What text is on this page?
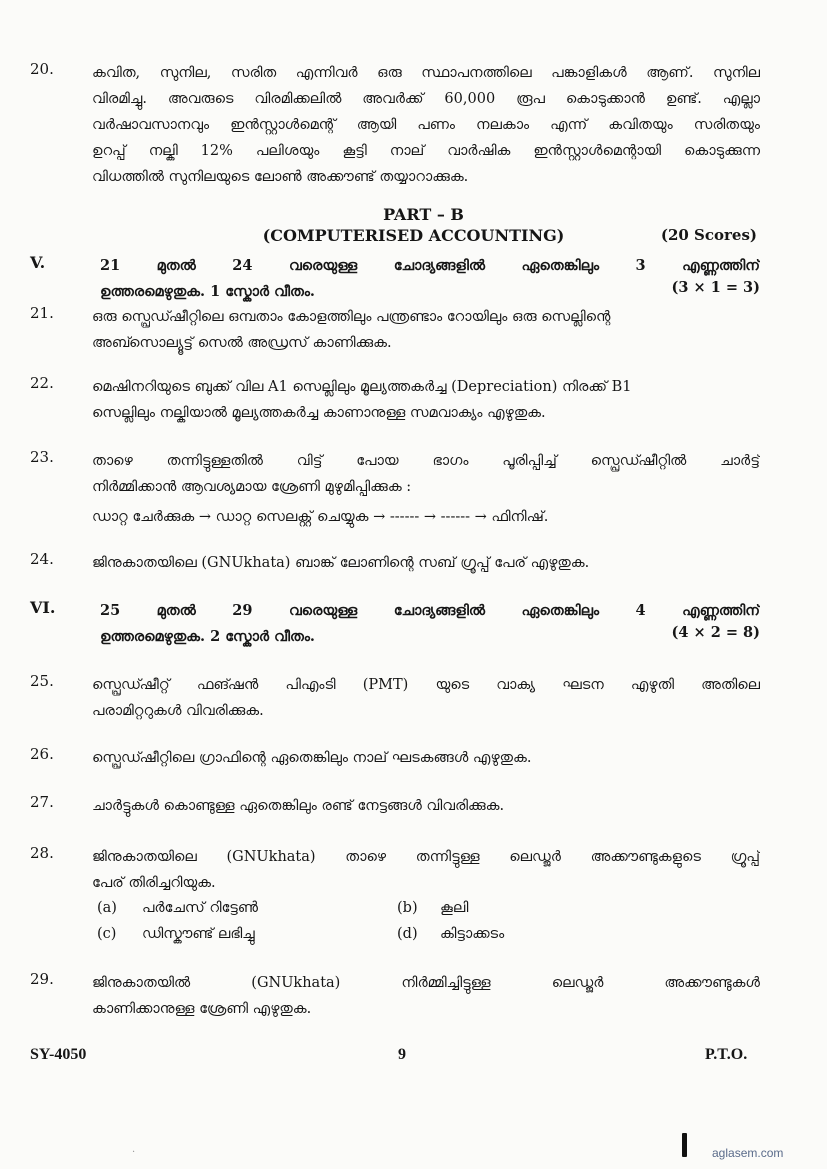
20.	കവിത, സുനില, സരിത എന്നിവർ ഒരു സ്ഥാപനത്തിലെ പങ്കാളികൾ ആണ്. സുനില
വിരമിച്ചു. അവരുടെ വിരമിക്കലിൽ അവർക്ക് 60,000 രൂപ കൊടുക്കാൻ ഉണ്ട്. എല്ലാ
വർഷാവസാനവും ഇൻസ്റ്റാൾമെന്റ് ആയി പണം നലകാം എന്ന് കവിതയും സരിതയും
ഉറപ്പ് നല്കി 12% പലിശയും കൂട്ടി നാല് വാർഷിക ഇൻസ്റ്റാൾമെന്റായി കൊടുക്കുന്ന
വിധത്തിൽ സുനിലയുടെ ലോൺ അക്കൗണ്ട് തയ്യാറാക്കുക.
PART – B
(COMPUTERISED ACCOUNTING)	(20 Scores)
V.	21 മുതൽ 24 വരെയുള്ള ചോദ്യങ്ങളിൽ ഏതെങ്കിലും 3 എണ്ണത്തിന്
ഉത്തരമെഴുതുക. 1 സ്കോർ വീതം.	(3 × 1 = 3)
21.	ഒരു സ്പ്രെഡ്ഷീറ്റിലെ ഒമ്പതാം കോളത്തിലും പന്ത്രണ്ടാം റോയിലും ഒരു സെല്ലിന്റെ
അബ്സൊല്യൂട്ട് സെൽ അഡ്രസ് കാണിക്കുക.
22.	മെഷിനറിയുടെ ബുക്ക് വില A1 സെല്ലിലും മൂല്യത്തകർച്ച (Depreciation) നിരക്ക് B1
സെല്ലിലും നല്കിയാൽ മൂല്യത്തകർച്ച കാണാനുള്ള സമവാക്യം എഴുതുക.
23.	താഴെ തന്നിട്ടുള്ളതിൽ വിട്ട് പോയ ഭാഗം പൂരിപ്പിച്ച് സ്പ്രെഡ്ഷീറ്റിൽ ചാർട്ട്
നിർമ്മിക്കാൻ ആവശ്യമായ ശ്രേണി മുഴുമിപ്പിക്കുക :
ഡാറ്റ ചേർക്കുക → ഡാറ്റ സെലക്റ്റ് ചെയ്യുക → ------ → ------ → ഫിനിഷ്.
24.	ജിനുകാതയിലെ (GNUkhata) ബാങ്ക് ലോണിന്റെ സബ് ഗ്രൂപ്പ് പേര് എഴുതുക.
VI.	25 മുതൽ 29 വരെയുള്ള ചോദ്യങ്ങളിൽ ഏതെങ്കിലും 4 എണ്ണത്തിന്
ഉത്തരമെഴുതുക. 2 സ്കോർ വീതം.	(4 × 2 = 8)
25.	സ്പ്രെഡ്ഷീറ്റ് ഫങ്ഷൻ പിഎംടി (PMT) യുടെ വാക്യ ഘടന എഴുതി അതിലെ
പരാമിറ്ററുകൾ വിവരിക്കുക.
26.	സ്പ്രെഡ്ഷീറ്റിലെ ഗ്രാഫിന്റെ ഏതെങ്കിലും നാല് ഘടകങ്ങൾ എഴുതുക.
27.	ചാർട്ടുകൾ കൊണ്ടുള്ള ഏതെങ്കിലും രണ്ട് നേട്ടങ്ങൾ വിവരിക്കുക.
28.	ജിനുകാതയിലെ (GNUkhata) താഴെ തന്നിട്ടുള്ള ലെഡ്ജർ അക്കൗണ്ടുകളുടെ ഗ്രൂപ്പ്
പേര് തിരിച്ചറിയുക.
(a) പർചേസ് റിട്ടേൺ	(b) കൂലി
(c) ഡിസ്കൗണ്ട് ലഭിച്ചു	(d) കിട്ടാക്കടം
29.	ജിനുകാതയിൽ (GNUkhata) നിർമ്മിച്ചിട്ടുള്ള ലെഡ്ജർ അക്കൗണ്ടുകൾ
കാണിക്കാനുള്ള ശ്രേണി എഴുതുക.
SY-4050	9	P.T.O.
aglasem.com
·
